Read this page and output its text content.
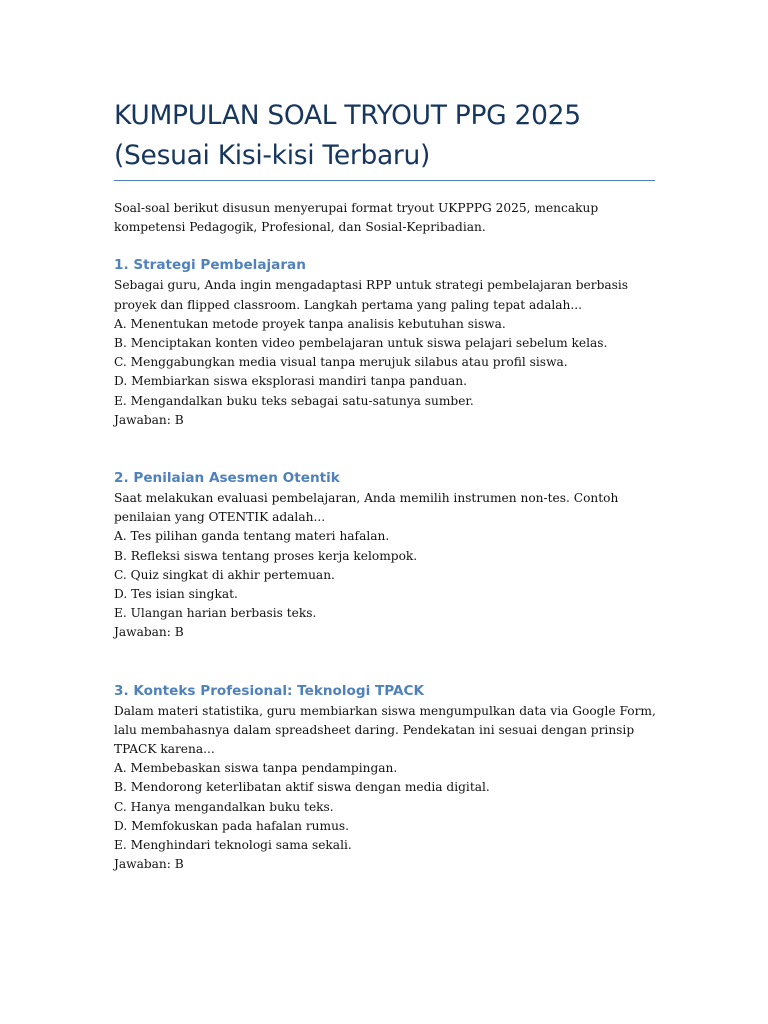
KUMPULAN SOAL TRYOUT PPG 2025
(Sesuai Kisi-kisi Terbaru)

Soal-soal berikut disusun menyerupai format tryout UKPPPG 2025, mencakup kompetensi Pedagogik, Profesional, dan Sosial-Kepribadian.

1. Strategi Pembelajaran

Sebagai guru, Anda ingin mengadaptasi RPP untuk strategi pembelajaran berbasis proyek dan flipped classroom. Langkah pertama yang paling tepat adalah...

A. Menentukan metode proyek tanpa analisis kebutuhan siswa.
B. Menciptakan konten video pembelajaran untuk siswa pelajari sebelum kelas.
C. Menggabungkan media visual tanpa merujuk silabus atau profil siswa.
D. Membiarkan siswa eksplorasi mandiri tanpa panduan.
E. Mengandalkan buku teks sebagai satu-satunya sumber.
Jawaban: B
2. Penilaian Asesmen Otentik

Saat melakukan evaluasi pembelajaran, Anda memilih instrumen non-tes. Contoh penilaian yang OTENTIK adalah...

A. Tes pilihan ganda tentang materi hafalan.
B. Refleksi siswa tentang proses kerja kelompok.
C. Quiz singkat di akhir pertemuan.
D. Tes isian singkat.
E. Ulangan harian berbasis teks.
Jawaban: B
3. Konteks Profesional: Teknologi TPACK

Dalam materi statistika, guru membiarkan siswa mengumpulkan data via Google Form, lalu membahasnya dalam spreadsheet daring. Pendekatan ini sesuai dengan prinsip TPACK karena...

A. Membebaskan siswa tanpa pendampingan.
B. Mendorong keterlibatan aktif siswa dengan media digital.
C. Hanya mengandalkan buku teks.
D. Memfokuskan pada hafalan rumus.
E. Menghindari teknologi sama sekali.
Jawaban: B
